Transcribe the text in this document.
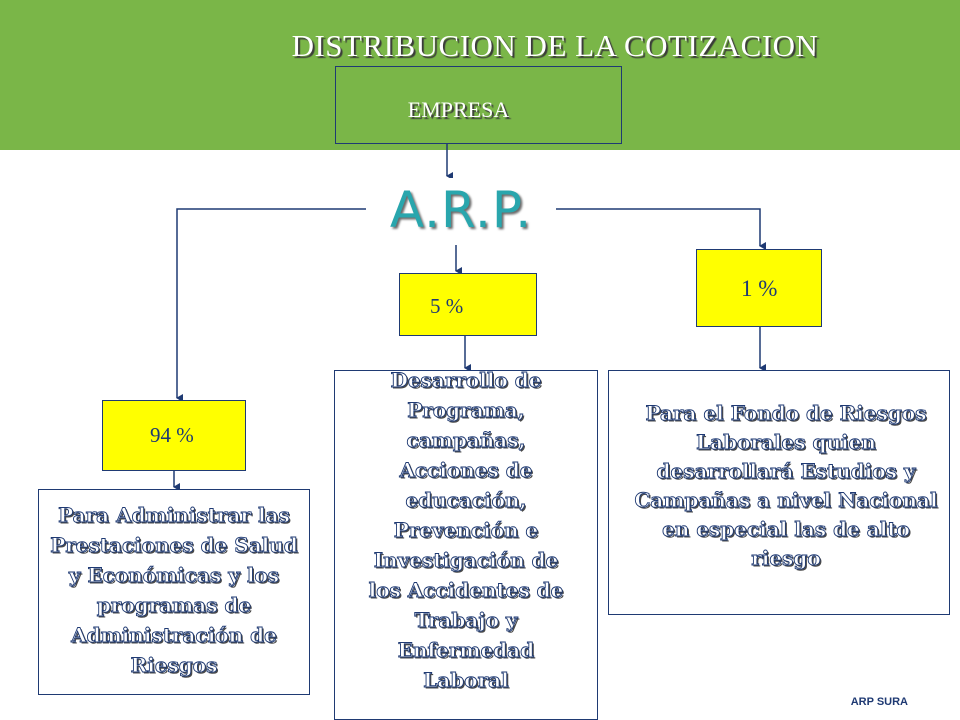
DISTRIBUCION DE LA COTIZACION
EMPRESA
A.R.P.
94 %
5 %
1 %
Para Administrar las Prestaciones de Salud y Económicas y los programas de Administración de Riesgos
Desarrollo de Programa, campañas, Acciones de educación, Prevención e Investigación de los Accidentes de Trabajo y Enfermedad Laboral
Para el Fondo de Riesgos Laborales quien desarrollará Estudios y Campañas a nivel Nacional en especial las de alto riesgo
ARP SURA
